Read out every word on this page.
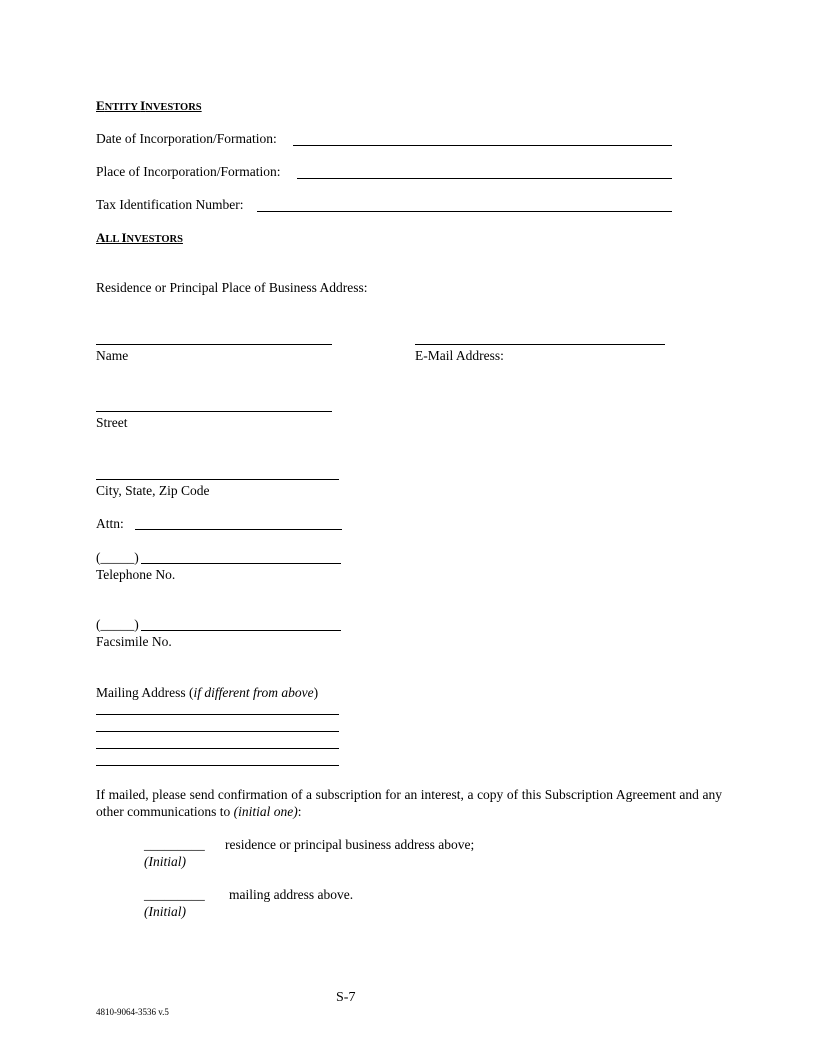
ENTITY INVESTORS
Date of Incorporation/Formation:
Place of Incorporation/Formation:
Tax Identification Number:
ALL INVESTORS
Residence or Principal Place of Business Address:
Name	E-Mail Address:
Street
City, State, Zip Code
Attn:
(_____)
Telephone No.
(_____)
Facsimile No.
Mailing Address (if different from above)
If mailed, please send confirmation of a subscription for an interest, a copy of this Subscription Agreement and any other communications to (initial one):
_________ residence or principal business address above;
(Initial)
_________ mailing address above.
(Initial)
S-7
4810-9064-3536 v.5
